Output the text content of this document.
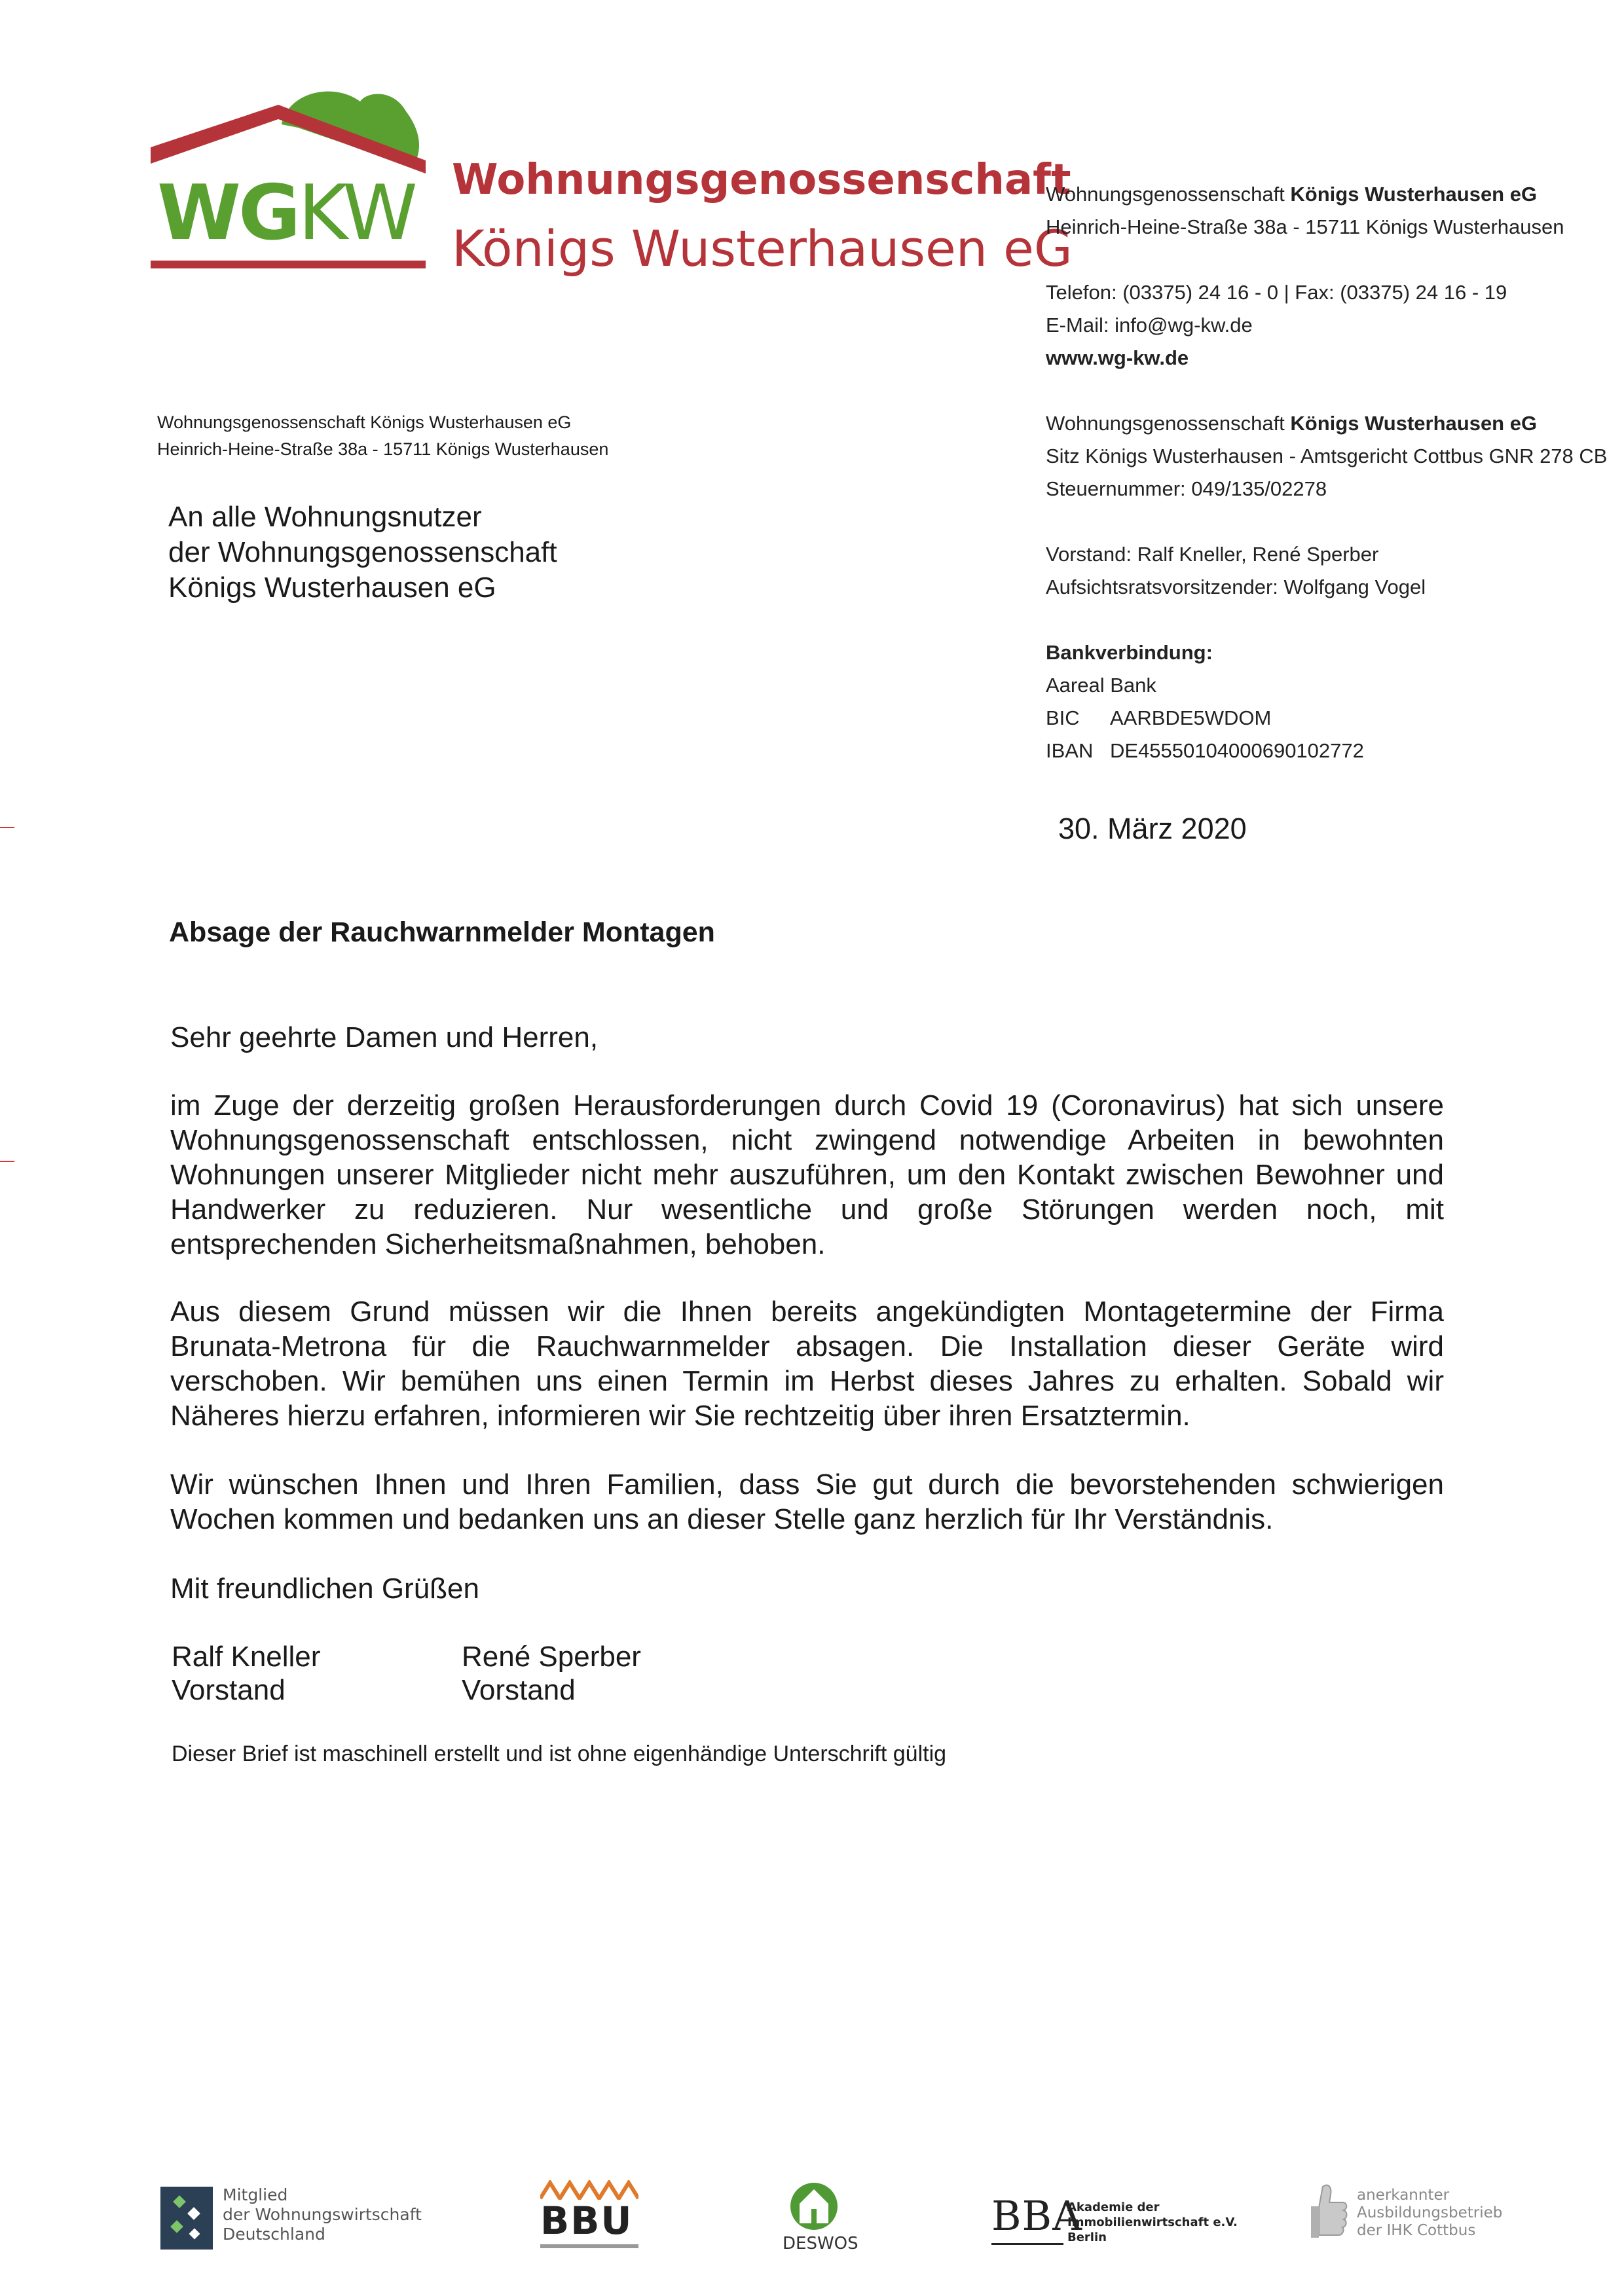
WGKW Wohnungsgenossenschaft
Königs Wusterhausen eG
Wohnungsgenossenschaft Königs Wusterhausen eG
Heinrich-Heine-Straße 38a - 15711 Königs Wusterhausen
Telefon: (03375) 24 16 - 0 | Fax: (03375) 24 16 - 19
E-Mail: info@wg-kw.de
www.wg-kw.de
Wohnungsgenossenschaft Königs Wusterhausen eG
Sitz Königs Wusterhausen - Amtsgericht Cottbus GNR 278 CB
Steuernummer: 049/135/02278
Vorstand: Ralf Kneller, René Sperber
Aufsichtsratsvorsitzender: Wolfgang Vogel
Bankverbindung:
Aareal Bank
BIC AARBDE5WDOM
IBAN DE45550104000690102772
Wohnungsgenossenschaft Königs Wusterhausen eG
Heinrich-Heine-Straße 38a - 15711 Königs Wusterhausen
An alle Wohnungsnutzer
der Wohnungsgenossenschaft
Königs Wusterhausen eG
30. März 2020
Absage der Rauchwarnmelder Montagen

Sehr geehrte Damen und Herren,

im Zuge der derzeitig großen Herausforderungen durch Covid 19 (Coronavirus) hat sich unsere Wohnungsgenossenschaft entschlossen, nicht zwingend notwendige Arbeiten in bewohnten Wohnungen unserer Mitglieder nicht mehr auszuführen, um den Kontakt zwischen Bewohner und Handwerker zu reduzieren. Nur wesentliche und große Störungen werden noch, mit entsprechenden Sicherheitsmaßnahmen, behoben.

Aus diesem Grund müssen wir die Ihnen bereits angekündigten Montagetermine der Firma Brunata-Metrona für die Rauchwarnmelder absagen. Die Installation dieser Geräte wird verschoben. Wir bemühen uns einen Termin im Herbst dieses Jahres zu erhalten. Sobald wir Näheres hierzu erfahren, informieren wir Sie rechtzeitig über ihren Ersatztermin.

Wir wünschen Ihnen und Ihren Familien, dass Sie gut durch die bevorstehenden schwierigen Wochen kommen und bedanken uns an dieser Stelle ganz herzlich für Ihr Verständnis.

Mit freundlichen Grüßen

Ralf Kneller
Vorstand
René Sperber
Vorstand
Dieser Brief ist maschinell erstellt und ist ohne eigenhändige Unterschrift gültig
Mitglied
der Wohnungswirtschaft
Deutschland	BBU
DESWOS
BBA
Akademie der
Immobilienwirtschaft e.V.
Berlin
anerkannter
Ausbildungsbetrieb
der IHK Cottbus
